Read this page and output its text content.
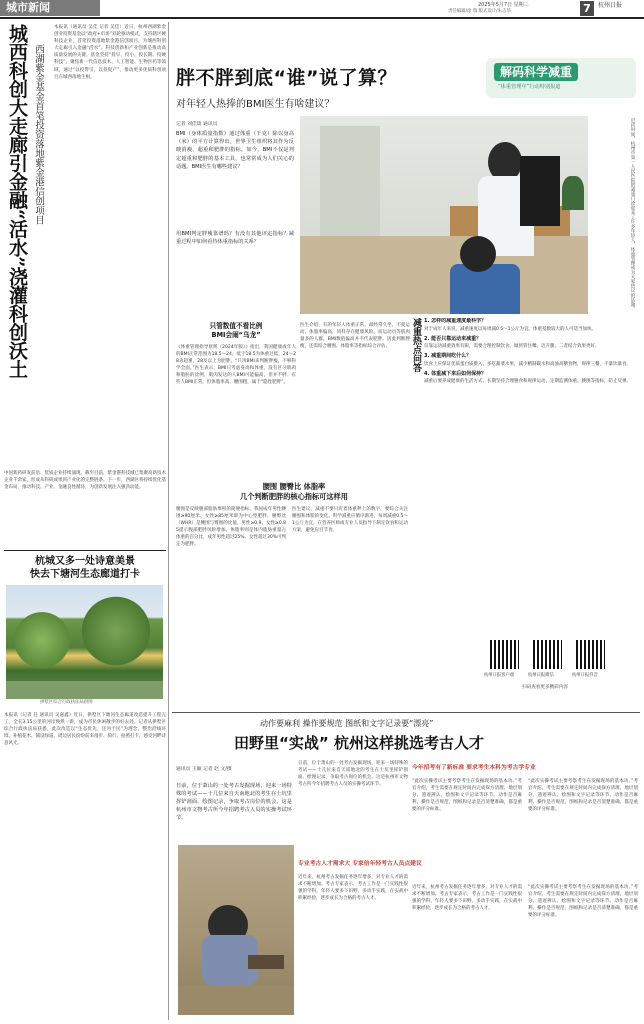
城市新闻	2025年5月7日 星期三
责任编辑/徐 瑞 版式设计/朱志华	7	杭州日报
城西科创大走廊引金融“活水”浇灌科创沃土 西湖紫金基金首笔投资落地紫金港信创项目
本报讯（通讯员 吴佳 记者 吴佳）近日，杭州西湖紫金创业投资基金以“政府+市场”双轮驱动模式，支持辖区硬科技企业，首笔投资落地紫金港信创项目，为城西科创大走廊引入金融“活水”。科技创新和产业创新是推动高质量发展的关键。基金坚持“投早、投小、投长期、投硬科技”，聚焦新一代信息技术、人工智能、生物医药等领域，通过“以投带引、以投促产”，推动更多优质科创项目在城西落地生根。
中国新药研发前沿、优质企业持续涌现，截至目前，紫金港科技城已集聚高新技术企业千余家，形成从科研成果到产业化的完整链条。下一步，西湖区将持续优化基金布局，推动科技、产业、金融良性循环，为创新发展注入强劲动能。
杭城又多一处诗意美景
快去下塘河生态廊道打卡
拱墅区综合行政执法局供图
本报讯（记者 任 通讯员 吴嘉鑫）近日，拱墅区下塘河生态廊道改造提升工程完工，全长3.15公里的河岸焕然一新，成为市民休闲散步的好去处。记者从拱墅区综合行政执法局获悉，此次改造以“生态优先、还河于民”为理念，整治沿线环境、补植花木、铺设绿道。周边居民纷纷前来漫步、骑行、拍照打卡，感受河畔诗意风光。
胖不胖到底“谁”说了算？
对年轻人热捧的BMI医生有啥建议？
解码科学减重
“体重管理年”行动特别报道
近段时间，杭州市第一人民医院的减重门诊迎来了许多年轻人，体重管理成为大家热议的话题。
记者 刘佳琦 通讯员
BMI（身体质量指数）通过体重（千克）除以身高（米）的平方计算得出，世界卫生组织将其作为反映消瘦、超重和肥胖的指标。如今，BMI不仅是判定超重和肥胖的基本工具，也常常成为人们关心的话题。BMI医生有哪些建议？
用BMI判定胖瘦靠谱吗？有没有其他评定指标？减重过程中如何看待体重指标的关系？
只管数值不看比例
BMI会闹“乌龙”
《体重管理指导原则（2024年版）》指出，我国健康成年人的BMI正常范围为18.5～24，低于18.5为体重过低，24～28为超重，28及以上为肥胖。“只用BMI来判断胖瘦，不够科学全面。”医生表示，BMI只考虑身高和体重，没有区分肌肉和脂肪的比例，肌肉发达的人BMI可能偏高，但并不胖；有些人BMI正常，但体脂率高、腰围粗，属于“隐性肥胖”。
医生介绍，有的年轻人体重正常，却经常久坐、不爱运动，体脂率偏高，同样存在健康风险。而运动员等肌肉量多的人群，BMI数值偏高并不代表肥胖。因此判断胖瘦，还需结合腰围、体脂率等指标综合评估。	减重热点问答 1. 怎样的减重速度最科学？
对于成年人来说，减重速度以每周减0.5～1公斤为宜。体重基数较大的人可适当加快。
2. 能否只靠运动来减重？
仅靠运动减重效果有限，需要合理控制饮食，做到管住嘴、迈开腿，二者结合效果更好。
3. 减重期间吃什么？
饮食上应保证优质蛋白质摄入，多吃蔬菜水果，减少精制碳水和高油高糖食物，规律三餐，不暴饮暴食。
4. 体重减下来后如何保持？
减重后要养成健康的生活方式，长期坚持合理膳食和规律运动，定期监测体重、腰围等指标，防止反弹。
杭州日报客户端	杭州日报微信	杭州日报抖音
扫码查看更多精彩内容
腰围 腰臀比 体脂率
几个判断肥胖的核心指标可这样用
腰围是反映腹部脂肪堆积的简便指标，我国成年男性腰围≥90厘米、女性≥85厘米即为中心型肥胖。腰臀比（WHR）是腰围与臀围的比值，男性≥0.9、女性≥0.85提示腹部肥胖风险增加。体脂率则是体内脂肪重量占体重的百分比，成年男性超过25%、女性超过30%可判定为肥胖。
医生建议，减重不要只盯着体重秤上的数字，要综合关注腰围和体脂的变化。科学减重应循序渐进，每周减重0.5～1公斤为宜，在营养医师或专业人员指导下制定饮食和运动方案，避免盲目节食。
动作要麻利 操作要规范 图纸和文字记录要“漂亮”
田野里“实战” 杭州这样挑选考古人才
通讯员 王颖 记者 赵 文/摄
日前，位于萧山的一处考古发掘现场，迎来一场特殊的考试——十几位来自天南地北的考生在土坑里挥铲刮面、绘图记录，争取考古岗位的机会。这是杭州市文物考古所今年招聘考古人员的实操考试环节。
日前，位于萧山的一处考古发掘现场，迎来一场特殊的考试——十几位来自天南地北的考生在土坑里挥铲刮面、绘图记录，争取考古岗位的机会。这是杭州市文物考古所今年招聘考古人员的实操考试环节。
今年招考有了新标准 要求考生本科为考古学专业
“此次实操考试主要考察考生在发掘现场的基本功。”考官介绍，考生需要在规定时间内完成探方清理、地层划分、遗迹辨认、绘图和文字记录等环节。动作是否麻利、操作是否规范，图纸和记录是否清楚准确，都是重要的评分标准。
“此次实操考试主要考察考生在发掘现场的基本功。”考官介绍，考生需要在规定时间内完成探方清理、地层划分、遗迹辨认、绘图和文字记录等环节。动作是否麻利、操作是否规范，图纸和记录是否清楚准确，都是重要的评分标准。
专业考古人才需求大 专家倍年轻考古人员点建议
近年来，杭州考古发掘任务逐年增多，对专业人才的需求不断增加。考古专家表示，考古工作是一门实践性很强的学科，年轻人要多下田野、多动手实践，在实战中积累经验，逐步成长为合格的考古人才。
近年来，杭州考古发掘任务逐年增多，对专业人才的需求不断增加。考古专家表示，考古工作是一门实践性很强的学科，年轻人要多下田野、多动手实践，在实战中积累经验，逐步成长为合格的考古人才。
“此次实操考试主要考察考生在发掘现场的基本功。”考官介绍，考生需要在规定时间内完成探方清理、地层划分、遗迹辨认、绘图和文字记录等环节。动作是否麻利、操作是否规范，图纸和记录是否清楚准确，都是重要的评分标准。
